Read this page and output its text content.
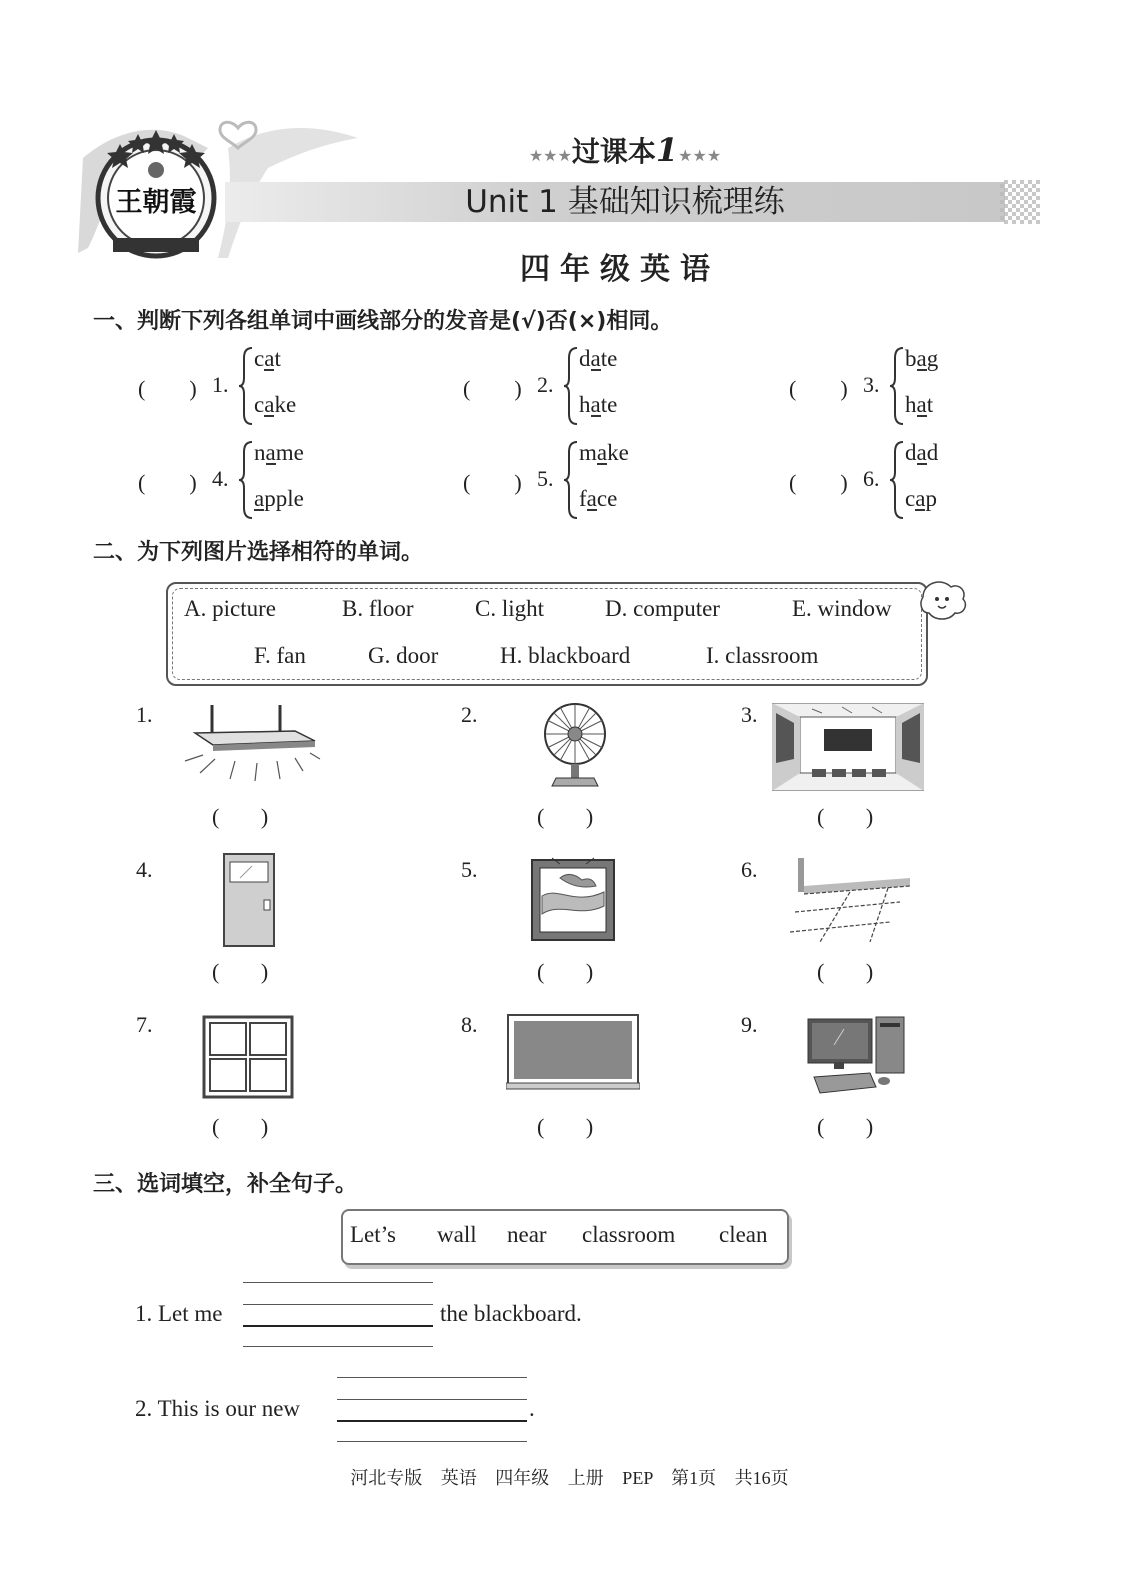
王朝霞
★★★过课本1★★★
Unit 1 基础知识梳理练
四年级英语
一、判断下列各组单词中画线部分的发音是(√)否(×)相同。
(　　) 1.
cat
cake
(　　) 2.
date
hate
(　　) 3.
bag
hat
(　　) 4.
name
apple
(　　) 5.
make
face
(　　) 6.
dad
cap
二、为下列图片选择相符的单词。
A. picture	B. floor	C. light	D. computer	E. window
F. fan	G. door	H. blackboard	I. classroom
1.	2.	3.
4.	5.	6.
7.	8.	9.
( )	( )	( )
( )	( )	( )
( )	( )	( )
三、选词填空，补全句子。
Let’s wall near classroom clean
1. Let me	the blackboard.
2. This is our new	.
河北专版 英语 四年级 上册 PEP 第1页 共16页
